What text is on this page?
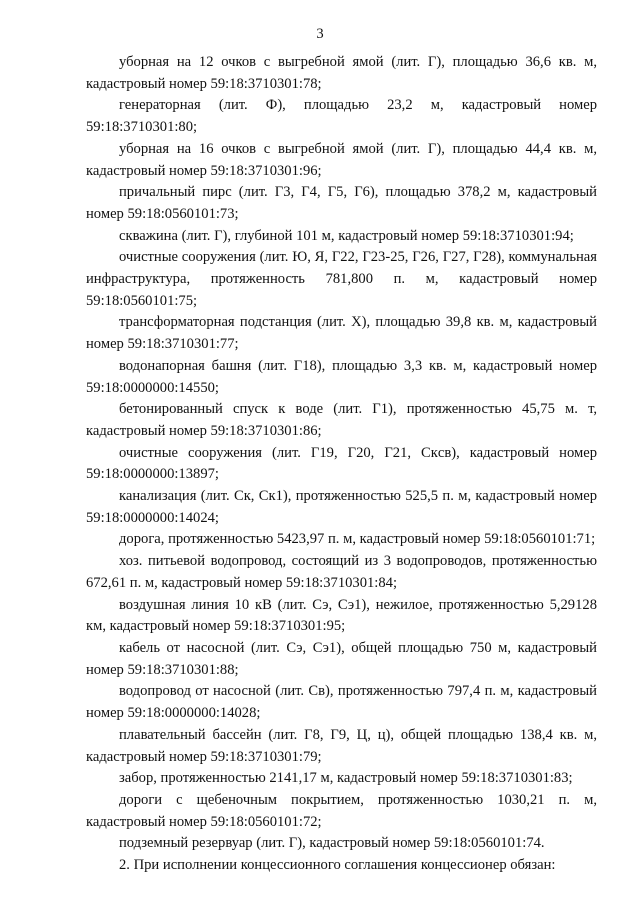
3

уборная на 12 очков с выгребной ямой (лит. Г), площадью 36,6 кв. м, кадастровый номер 59:18:3710301:78;

генераторная (лит. Ф), площадью 23,2 м, кадастровый номер 59:18:3710301:80;

уборная на 16 очков с выгребной ямой (лит. Г), площадью 44,4 кв. м, кадастровый номер 59:18:3710301:96;

причальный пирс (лит. Г3, Г4, Г5, Г6), площадью 378,2 м, кадастровый номер 59:18:0560101:73;

скважина (лит. Г), глубиной 101 м, кадастровый номер 59:18:3710301:94;

очистные сооружения (лит. Ю, Я, Г22, Г23-25, Г26, Г27, Г28), коммунальная инфраструктура, протяженность 781,800 п. м, кадастровый номер 59:18:0560101:75;

трансформаторная подстанция (лит. Х), площадью 39,8 кв. м, кадастровый номер 59:18:3710301:77;

водонапорная башня (лит. Г18), площадью 3,3 кв. м, кадастровый номер 59:18:0000000:14550;

бетонированный спуск к воде (лит. Г1), протяженностью 45,75 м. т, кадастровый номер 59:18:3710301:86;

очистные сооружения (лит. Г19, Г20, Г21, Скcв), кадастровый номер 59:18:0000000:13897;

канализация (лит. Ск, Ск1), протяженностью 525,5 п. м, кадастровый номер 59:18:0000000:14024;

дорога, протяженностью 5423,97 п. м, кадастровый номер 59:18:0560101:71;

хоз. питьевой водопровод, состоящий из 3 водопроводов, протяженностью 672,61 п. м, кадастровый номер 59:18:3710301:84;

воздушная линия 10 кВ (лит. Сэ, Сэ1), нежилое, протяженностью 5,29128 км, кадастровый номер 59:18:3710301:95;

кабель от насосной (лит. Сэ, Сэ1), общей площадью 750 м, кадастровый номер 59:18:3710301:88;

водопровод от насосной (лит. Св), протяженностью 797,4 п. м, кадастровый номер 59:18:0000000:14028;

плавательный бассейн (лит. Г8, Г9, Ц, ц), общей площадью 138,4 кв. м, кадастровый номер 59:18:3710301:79;

забор, протяженностью 2141,17 м, кадастровый номер 59:18:3710301:83;

дороги с щебеночным покрытием, протяженностью 1030,21 п. м, кадастровый номер 59:18:0560101:72;

подземный резервуар (лит. Г), кадастровый номер 59:18:0560101:74.

2. При исполнении концессионного соглашения концессионер обязан:
